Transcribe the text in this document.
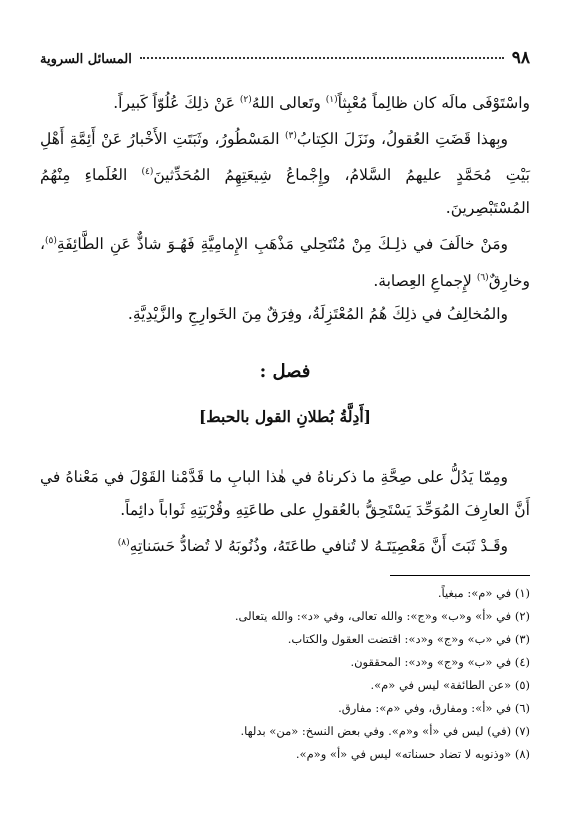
٩٨
المسائل السروية

واسْتَوْفَى مالَه كان ظالِماً مُعْبِثاً$^{(١)}$ وتَعالى اللهُ$^{(٢)}$ عَنْ ذلِكَ عُلُوّاً كَبيراً.

وبِهذا قَضَتِ العُقولُ، ونَزَلَ الكِتابُ$^{(٣)}$ المَسْطُورُ، وثَبَتَتِ الأَخْبارُ عَنْ أَئِمَّةِ أَهْلِ بَيْتِ مُحَمَّدٍ عليهمُ السَّلامُ، وإِجْماعُ شِيعَتِهِمُ المُحَدِّثينَ$^{(٤)}$ العُلَماءِ مِنْهُمُ المُسْتَبْصِرينَ.

ومَنْ خالَفَ في ذلِـكَ مِنْ مُنْتَحِلي مَذْهَبِ الإِمامِيَّةِ فَهُـوَ شاذٌّ عَنِ الطَّائِفَةِ$^{(٥)}$، وخارِقٌ$^{(٦)}$ لإِجماعِ العِصابة.

والمُخالِفُ في ذلِكَ هُمُ المُعْتَزِلَةُ، وفِرَقٌ مِنَ الخَوارِجِ والزَّيْدِيَّةِ.

فصل :
[أَدِلَّةُ بُطلانِ القول بالحبط]

ومِمّا يَدُلُّ على صِحَّةِ ما ذكرناهُ في هٰذا البابِ ما قَدَّمْنا القَوْلَ في مَعْناهُ في أَنَّ العارِفَ المُوَحِّدَ يَسْتَحِقُّ بالعُقولِ على طاعَتِهِ وقُرْبَتِهِ ثَواباً دائِماً.

وقَـدْ ثَبَتَ أَنَّ مَعْصِيَتَـهُ لا تُنافي طاعَتَهُ، وذُنُوبَهُ لا تُضادُّ حَسَناتِهِ$^{(٨)}$

(١) في «م»: مبغياً.

(٢) في «أ» و«ب» و«ج»: والله تعالى، وفي «د»: والله يتعالى.

(٣) في «ب» و«ج» و«د»: اقتضت العقول والكتاب.

(٤) في «ب» و«ج» و«د»: المحققون.

(٥) «عن الطائفة» ليس في «م».

(٦) في «أ»: ومفارق، وفي «م»: مفارق.

(٧) (في) ليس في «أ» و«م». وفي بعض النسخ: «من» بدلها.

(٨) «وذنوبه لا تضاد حسناته» ليس في «أ» و«م».
